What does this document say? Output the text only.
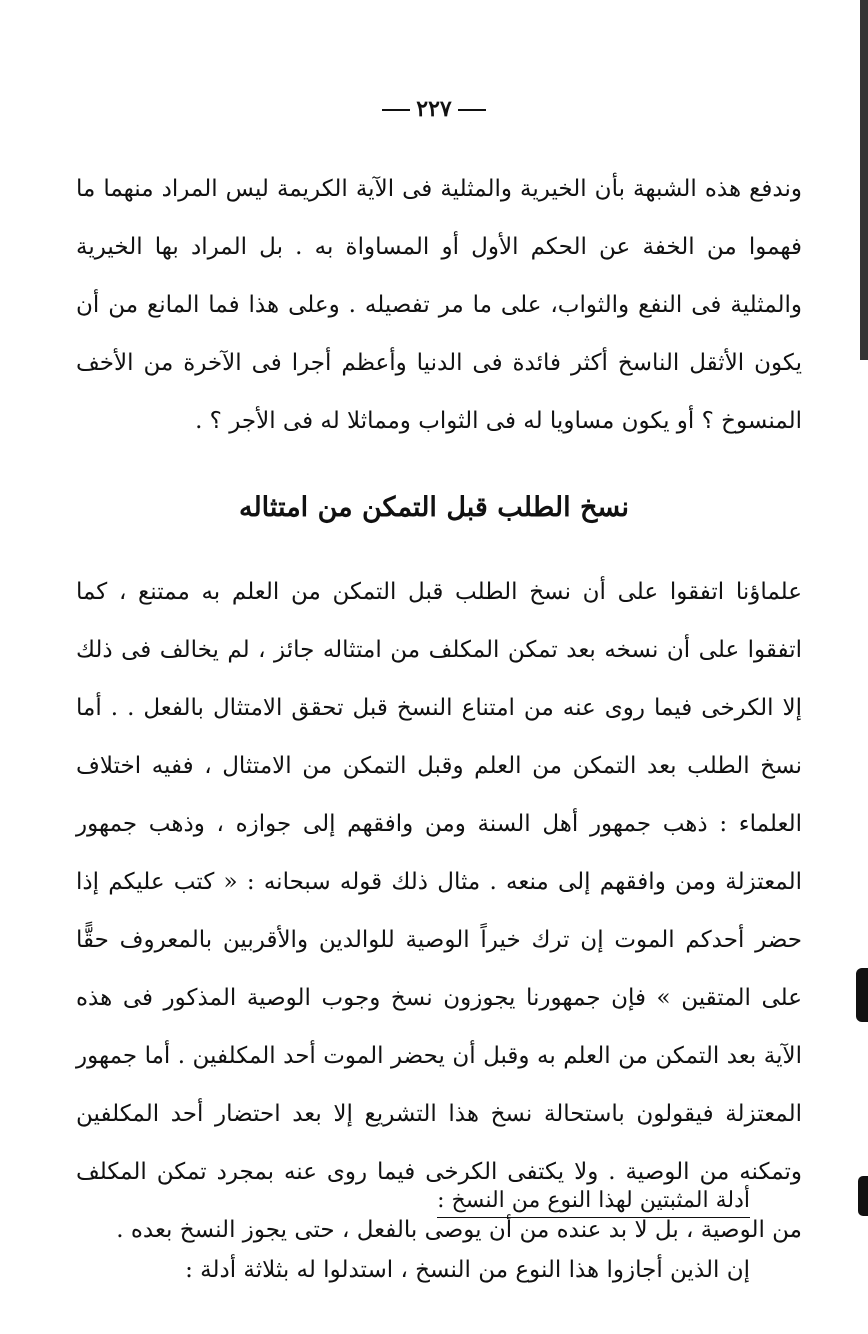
٢٢٧
وندفع هذه الشبهة بأن الخيرية والمثلية فى الآية الكريمة ليس المراد منهما ما فهموا من الخفة عن الحكم الأول أو المساواة به . بل المراد بها الخيرية والمثلية فى النفع والثواب، على ما مر تفصيله . وعلى هذا فما المانع من أن يكون الأثقل الناسخ أكثر فائدة فى الدنيا وأعظم أجرا فى الآخرة من الأخف المنسوخ ؟ أو يكون مساويا له فى الثواب ومماثلا له فى الأجر ؟ .
نسخ الطلب قبل التمكن من امتثاله
علماؤنا اتفقوا على أن نسخ الطلب قبل التمكن من العلم به ممتنع ، كما اتفقوا على أن نسخه بعد تمكن المكلف من امتثاله جائز ، لم يخالف فى ذلك إلا الكرخى فيما روى عنه من امتناع النسخ قبل تحقق الامتثال بالفعل . . أما نسخ الطلب بعد التمكن من العلم وقبل التمكن من الامتثال ، ففيه اختلاف العلماء : ذهب جمهور أهل السنة ومن وافقهم إلى جوازه ، وذهب جمهور المعتزلة ومن وافقهم إلى منعه . مثال ذلك قوله سبحانه : « كتب عليكم إذا حضر أحدكم الموت إن ترك خيراً الوصية للوالدين والأقربين بالمعروف حقًّا على المتقين » فإن جمهورنا يجوزون نسخ وجوب الوصية المذكور فى هذه الآية بعد التمكن من العلم به وقبل أن يحضر الموت أحد المكلفين . أما جمهور المعتزلة فيقولون باستحالة نسخ هذا التشريع إلا بعد احتضار أحد المكلفين وتمكنه من الوصية . ولا يكتفى الكرخى فيما روى عنه بمجرد تمكن المكلف من الوصية ، بل لا بد عنده من أن يوصى بالفعل ، حتى يجوز النسخ بعده .
أدلة المثبتين لهذا النوع من النسخ :
إن الذين أجازوا هذا النوع من النسخ ، استدلوا له بثلاثة أدلة :
